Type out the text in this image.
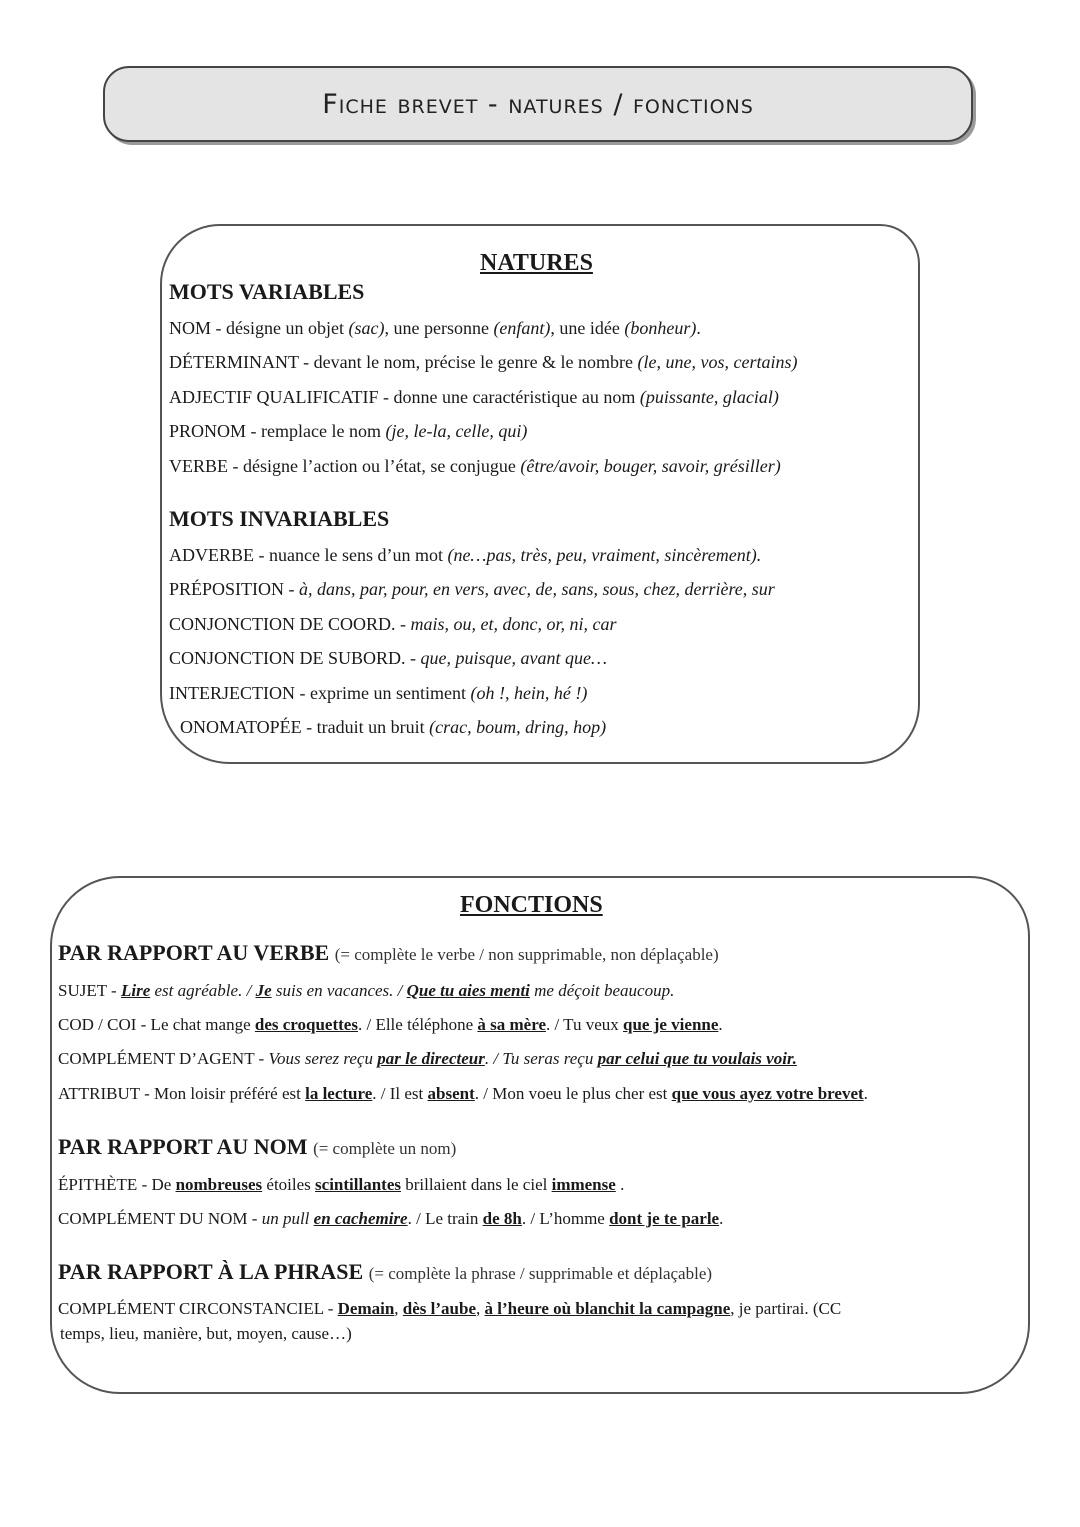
Fiche brevet - natures / fonctions
NATURES
MOTS VARIABLES
NOM - désigne un objet (sac), une personne (enfant), une idée (bonheur).
DÉTERMINANT - devant le nom, précise le genre & le nombre (le, une, vos, certains)
ADJECTIF QUALIFICATIF - donne une caractéristique au nom (puissante, glacial)
PRONOM - remplace le nom (je, le-la, celle, qui)
VERBE - désigne l’action ou l’état, se conjugue (être/avoir, bouger, savoir, grésiller)
MOTS INVARIABLES
ADVERBE - nuance le sens d’un mot (ne…pas, très, peu, vraiment, sincèrement).
PRÉPOSITION - à, dans, par, pour, en vers, avec, de, sans, sous, chez, derrière, sur
CONJONCTION DE COORD. - mais, ou, et, donc, or, ni, car
CONJONCTION DE SUBORD. - que, puisque, avant que…
INTERJECTION - exprime un sentiment (oh !, hein, hé !)
ONOMATOPÉE - traduit un bruit (crac, boum, dring, hop)
FONCTIONS
PAR RAPPORT AU VERBE (= complète le verbe / non supprimable, non déplaçable)
SUJET - Lire est agréable. / Je suis en vacances. / Que tu aies menti me déçoit beaucoup.
COD / COI - Le chat mange des croquettes. / Elle téléphone à sa mère. / Tu veux que je vienne.
COMPLÉMENT D’AGENT - Vous serez reçu par le directeur. / Tu seras reçu par celui que tu voulais voir.
ATTRIBUT - Mon loisir préféré est la lecture. / Il est absent. / Mon voeu le plus cher est que vous ayez votre brevet.
PAR RAPPORT AU NOM (= complète un nom)
ÉPITHÈTE - De nombreuses étoiles scintillantes brillaient dans le ciel immense .
COMPLÉMENT DU NOM - un pull en cachemire. / Le train de 8h. / L’homme dont je te parle.
PAR RAPPORT À LA PHRASE (= complète la phrase / supprimable et déplaçable)
COMPLÉMENT CIRCONSTANCIEL - Demain, dès l’aube, à l’heure où blanchit la campagne, je partirai. (CC
temps, lieu, manière, but, moyen, cause…)
